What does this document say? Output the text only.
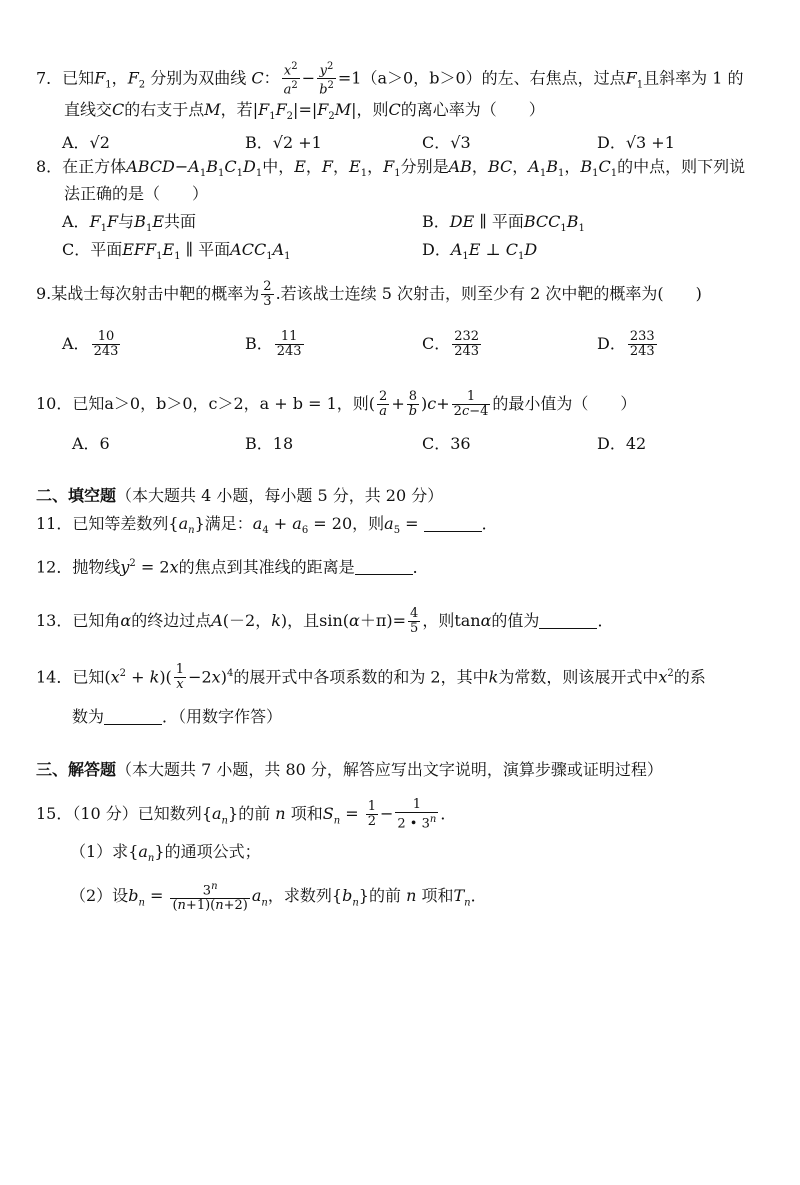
7．已知$F_1$，$F_2$ 分别为双曲线 C： $\frac{x^2}{a^2} - \frac{y^2}{b^2} =1(a>0$，b＞0）的左、右焦点，过点$F_1$且斜率为 1 的
直线交C的右支于点M，若$|F_1F_2|=|F_2M|$，则C的离心率为（　　）
A．√2	B．√2 +1	C．√3	D．√3 +1
8．在正方体$ABCD-A_1B_1C_1D_1$中，E，F，$E_1$，$F_1$分别是AB，BC，$A_1B_1$，$B_1C_1$的中点，则下列说
法正确的是（　　）
A．$F_1F$与$B_1E$共面	B．DE ∥ 平面$BCC_1B_1$
C．平面$EFF_1E_1$ ∥ 平面$ACC_1A_1$	D．$A_1E$ ⊥ $C_1D$
9.某战士每次射击中靶的概率为 $\frac{2}{3}$ .若该战士连续 5 次射击，则至少有 2 次中靶的概率为(　　)
A． $\frac{10}{243}$	B． $\frac{11}{243}$	C． $\frac{232}{243}$	D． $\frac{233}{243}$
10．已知a＞0，b＞0，c＞2，a + b = 1，则( $\frac{2}{a} + \frac{8}{b} )c+ \frac{1}{2c-4}$ 的最小值为（　　）
A．6	B．18	C．36	D．42
二、填空题（本大题共 4 小题，每小题 5 分，共 20 分）
11．已知等差数列$\{a_n\}$满足：$a_4 + a_6 = 20$，则$a_5$ =	．
12．抛物线$y^2 = 2x$的焦点到其准线的距离是	．
13．已知角α的终边过点A(－2，k)，且$\sin(\alpha+\pi)= \frac{4}{5}$ ，则tanα的值为	．
14．已知$(x^2 + k)( \frac{1}{x} -2x)^4$的展开式中各项系数的和为 2，其中k为常数，则该展开式中$x^2$的系
数为	．（用数字作答）
三、解答题（本大题共 7 小题，共 80 分，解答应写出文字说明，演算步骤或证明过程）
15．（10 分）已知数列$\{a_n\}$的前 n 项和$S_n = \frac{1}{2} - \frac{1}{2 • 3^n}$ ．
（1）求$\{a_n\}$的通项公式；
（2）设$b_n = \frac{3^n}{(n+1)(n+2)} a_n$，求数列$\{b_n\}$的前 n 项和$T_n$．
